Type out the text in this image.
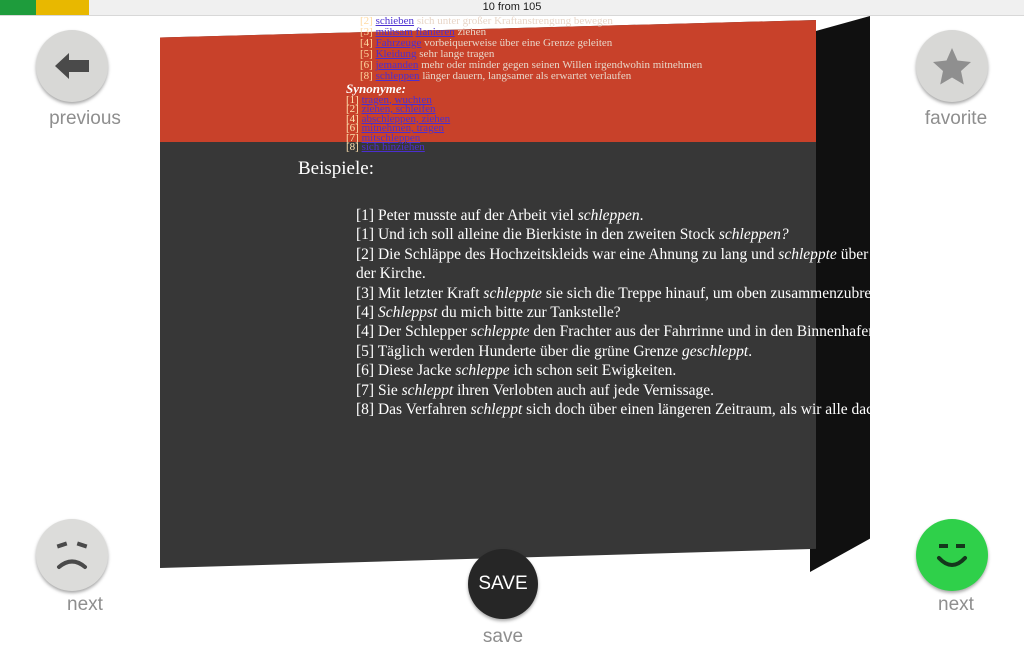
10 from 105
[2] schieben sich unter großer Kraftanstrengung bewegen
[3] mühsam flanieren ziehen
[4] Fahrzeuge vorbeiquerweise über eine Grenze geleiten
[5] Kleidung sehr lange tragen
[6] jemanden mehr oder minder gegen seinen Willen irgendwohin mitnehmen
[8] schleppen länger dauern, langsamer als erwartet verlaufen
Synonyme:
[1] tragen, wuchten
[2] ziehen, schleifen
[4] abschleppen, ziehen
[6] mitnehmen, tragen
[7] mitschleppen
[8] sich hinziehen
Beispiele:

[1] Peter musste auf der Arbeit viel schleppen.

[1] Und ich soll alleine die Bierkiste in den zweiten Stock schleppen?

[2] Die Schläppe des Hochzeitskleids war eine Ahnung zu lang und schleppte über den Steinfußboden der Kirche.

[3] Mit letzter Kraft schleppte sie sich die Treppe hinauf, um oben zusammenzubrechen.

[4] Schleppst du mich bitte zur Tankstelle?

[4] Der Schlepper schleppte den Frachter aus der Fahrrinne und in den Binnenhafen.

[5] Täglich werden Hunderte über die grüne Grenze geschleppt.

[6] Diese Jacke schleppe ich schon seit Ewigkeiten.

[7] Sie schleppt ihren Verlobten auch auf jede Vernissage.

[8] Das Verfahren schleppt sich doch über einen längeren Zeitraum, als wir alle dachten.

previous	favorite
next	next
SAVE
save
